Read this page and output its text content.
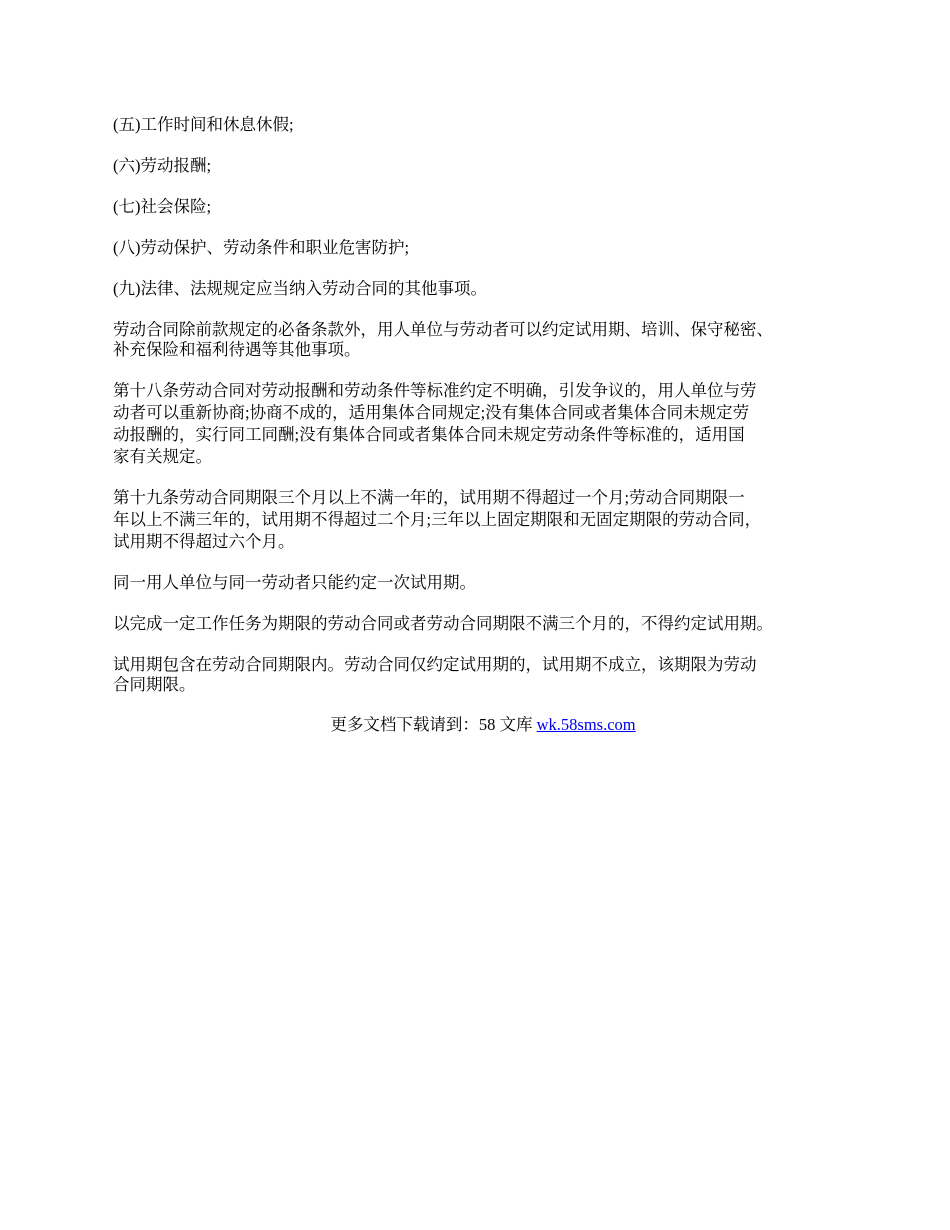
(五)工作时间和休息休假;
(六)劳动报酬;
(七)社会保险;
(八)劳动保护、劳动条件和职业危害防护;
(九)法律、法规规定应当纳入劳动合同的其他事项。
劳动合同除前款规定的必备条款外，用人单位与劳动者可以约定试用期、培训、保守秘密、
补充保险和福利待遇等其他事项。
第十八条劳动合同对劳动报酬和劳动条件等标准约定不明确，引发争议的，用人单位与劳
动者可以重新协商;协商不成的，适用集体合同规定;没有集体合同或者集体合同未规定劳
动报酬的，实行同工同酬;没有集体合同或者集体合同未规定劳动条件等标准的，适用国
家有关规定。
第十九条劳动合同期限三个月以上不满一年的，试用期不得超过一个月;劳动合同期限一
年以上不满三年的，试用期不得超过二个月;三年以上固定期限和无固定期限的劳动合同，
试用期不得超过六个月。
同一用人单位与同一劳动者只能约定一次试用期。
以完成一定工作任务为期限的劳动合同或者劳动合同期限不满三个月的，不得约定试用期。
试用期包含在劳动合同期限内。劳动合同仅约定试用期的，试用期不成立，该期限为劳动
合同期限。
更多文档下载请到：58 文库 wk.58sms.com
